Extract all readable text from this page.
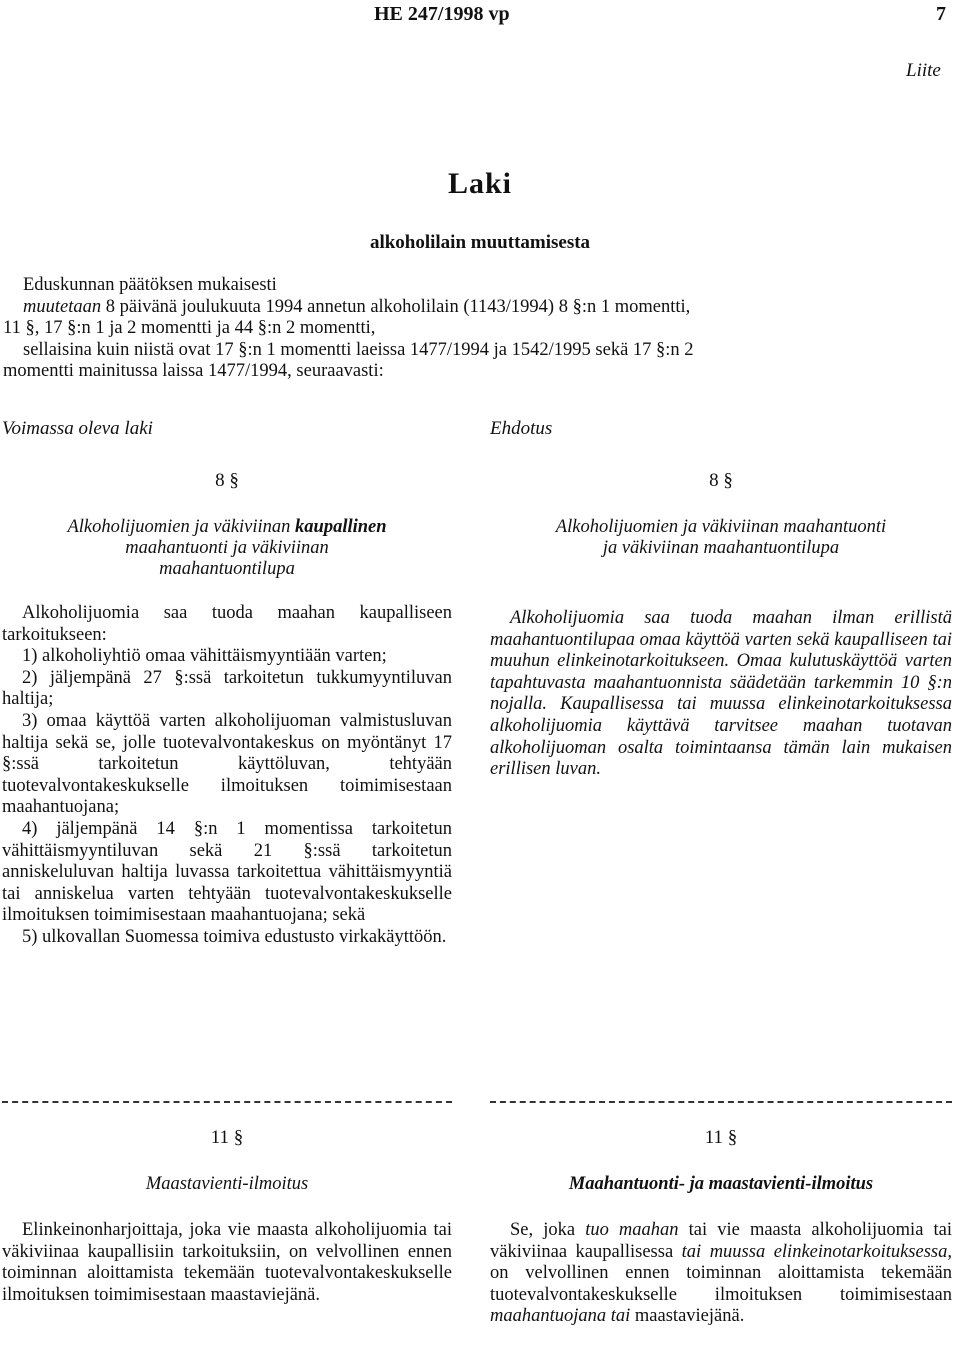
HE 247/1998 vp	7
Liite
Laki
alkoholilain muuttamisesta
Eduskunnan päätöksen mukaisesti
muutetaan 8 päivänä joulukuuta 1994 annetun alkoholilain (1143/1994) 8 §:n 1 momentti,
11 §, 17 §:n 1 ja 2 momentti ja 44 §:n 2 momentti,
sellaisina kuin niistä ovat 17 §:n 1 momentti laeissa 1477/1994 ja 1542/1995 sekä 17 §:n 2
momentti mainitussa laissa 1477/1994, seuraavasti:
Voimassa oleva laki	Ehdotus
8 §	8 §
Alkoholijuomien ja väkiviinan kaupallinen
maahantuonti ja väkiviinan
maahantuontilupa
Alkoholijuomien ja väkiviinan maahantuonti
ja väkiviinan maahantuontilupa

Alkoholijuomia saa tuoda maahan kaupalliseen tarkoitukseen:

1) alkoholiyhtiö omaa vähittäismyyntiään varten;

2) jäljempänä 27 §:ssä tarkoitetun tukkumyyntiluvan haltija;

3) omaa käyttöä varten alkoholijuoman valmistusluvan haltija sekä se, jolle tuotevalvontakeskus on myöntänyt 17 §:ssä tarkoitetun käyttöluvan, tehtyään tuotevalvontakeskukselle ilmoituksen toimimisestaan maahantuojana;

4) jäljempänä 14 §:n 1 momentissa tarkoitetun vähittäismyyntiluvan sekä 21 §:ssä tarkoitetun anniskeluluvan haltija luvassa tarkoitettua vähittäismyyntiä tai anniskelua varten tehtyään tuotevalvontakeskukselle ilmoituksen toimimisestaan maahantuojana; sekä

5) ulkovallan Suomessa toimiva edustusto virkakäyttöön.

Alkoholijuomia saa tuoda maahan ilman erillistä maahantuontilupaa omaa käyttöä varten sekä kaupalliseen tai muuhun elinkeinotarkoitukseen. Omaa kulutuskäyttöä varten tapahtuvasta maahantuonnista säädetään tarkemmin 10 §:n nojalla. Kaupallisessa tai muussa elinkeinotarkoituksessa alkoholijuomia käyttävä tarvitsee maahan tuotavan alkoholijuoman osalta toimintaansa tämän lain mukaisen erillisen luvan.

11 §	11 §
Maastavienti-ilmoitus	Maahantuonti- ja maastavienti-ilmoitus

Elinkeinonharjoittaja, joka vie maasta alkoholijuomia tai väkiviinaa kaupallisiin tarkoituksiin, on velvollinen ennen toiminnan aloittamista tekemään tuotevalvontakeskukselle ilmoituksen toimimisestaan maastaviejänä.

Se, joka tuo maahan tai vie maasta alkoholijuomia tai väkiviinaa kaupallisessa tai muussa elinkeinotarkoituksessa, on velvollinen ennen toiminnan aloittamista tekemään tuotevalvontakeskukselle ilmoituksen toimimisestaan maahantuojana tai maastaviejänä.
